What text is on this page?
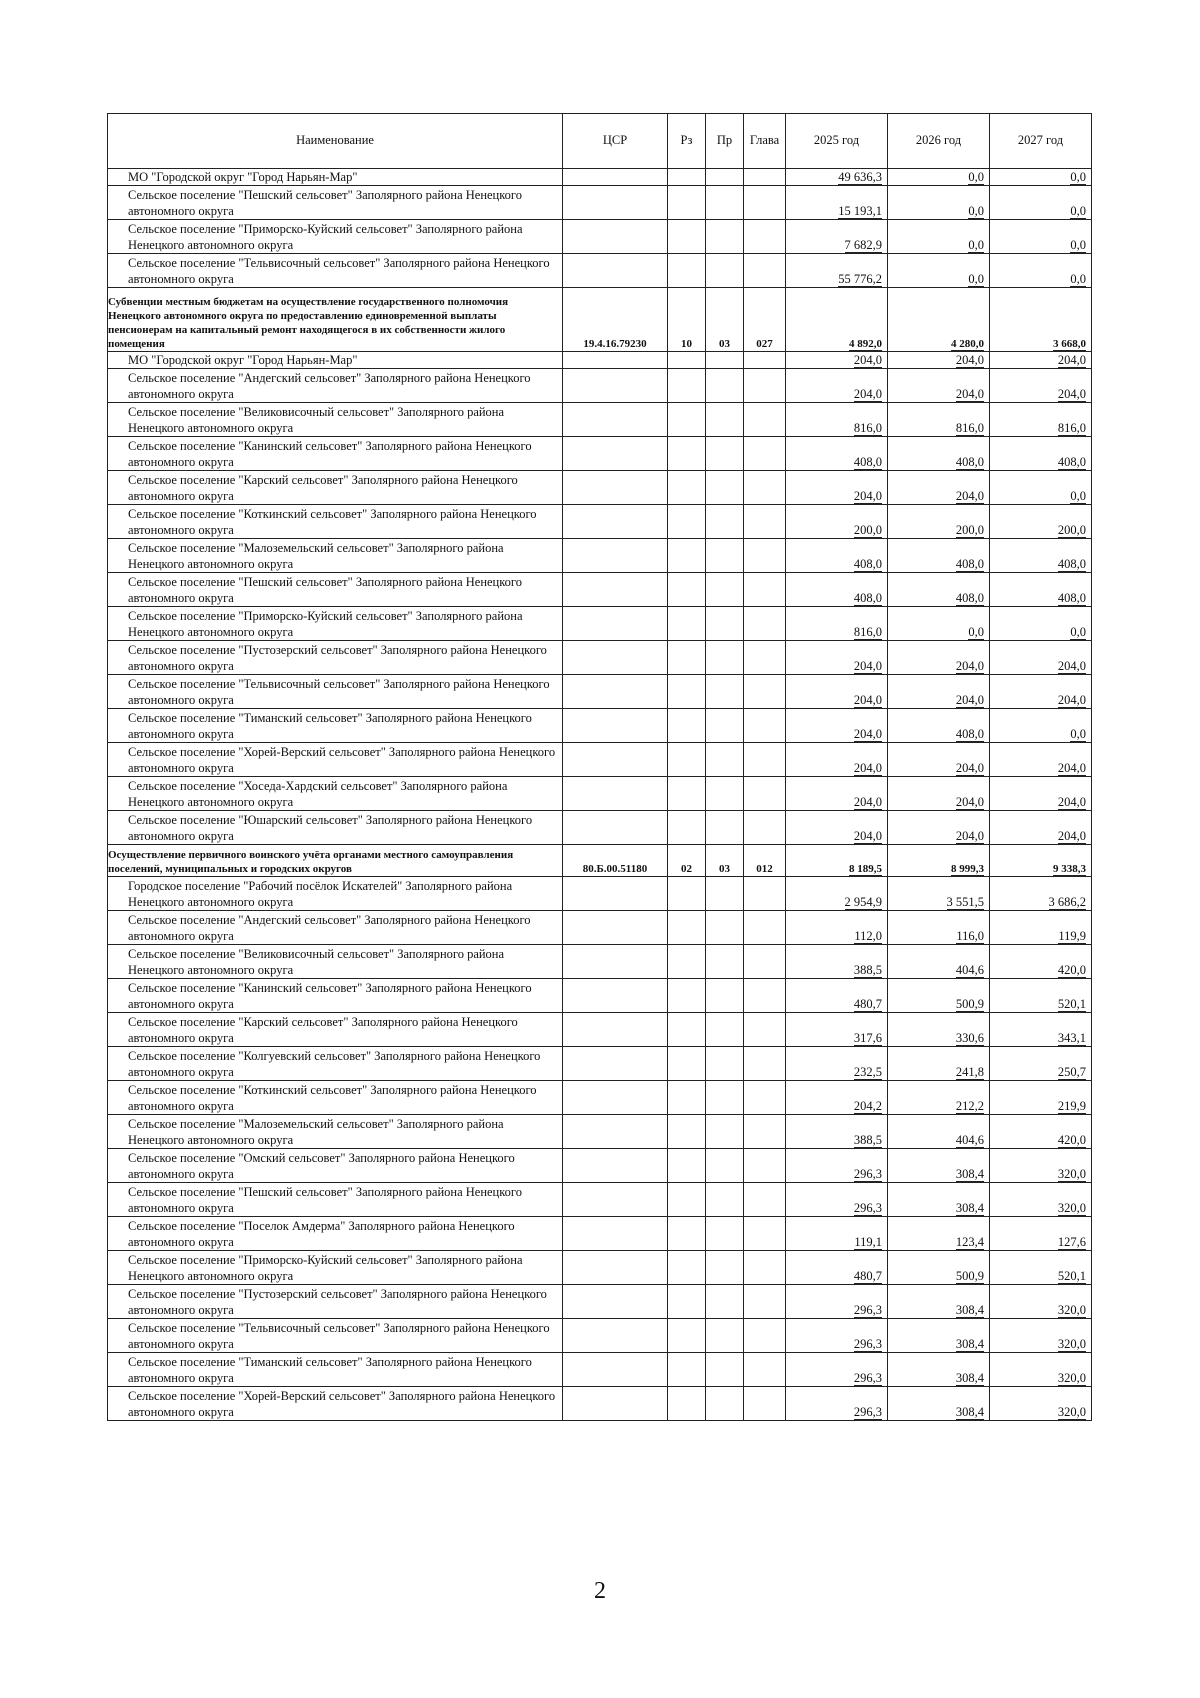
Наименование	ЦСР	Рз	Пр	Глава	2025 год	2026 год	2027 год

МО "Городской округ "Город Нарьян-Мар"					49 636,3	0,0	0,0

Сельское поселение "Пешский сельсовет" Заполярного района Ненецкого автономного округа					15 193,1	0,0	0,0

Сельское поселение "Приморско-Куйский сельсовет" Заполярного района Ненецкого автономного округа					7 682,9	0,0	0,0

Сельское поселение "Тельвисочный сельсовет" Заполярного района Ненецкого автономного округа					55 776,2	0,0	0,0

Субвенции местным бюджетам на осуществление государственного полномочия Ненецкого автономного округа по предоставлению единовременной выплаты пенсионерам на капитальный ремонт находящегося в их собственности жилого помещения	19.4.16.79230	10	03	027	4 892,0	4 280,0	3 668,0

МО "Городской округ "Город Нарьян-Мар"					204,0	204,0	204,0

Сельское поселение "Андегский сельсовет" Заполярного района Ненецкого автономного округа					204,0	204,0	204,0

Сельское поселение "Великовисочный сельсовет" Заполярного района Ненецкого автономного округа					816,0	816,0	816,0

Сельское поселение "Канинский сельсовет" Заполярного района Ненецкого автономного округа					408,0	408,0	408,0

Сельское поселение "Карский сельсовет" Заполярного района Ненецкого автономного округа					204,0	204,0	0,0

Сельское поселение "Коткинский сельсовет" Заполярного района Ненецкого автономного округа					200,0	200,0	200,0

Сельское поселение "Малоземельский сельсовет" Заполярного района Ненецкого автономного округа					408,0	408,0	408,0

Сельское поселение "Пешский сельсовет" Заполярного района Ненецкого автономного округа					408,0	408,0	408,0

Сельское поселение "Приморско-Куйский сельсовет" Заполярного района Ненецкого автономного округа					816,0	0,0	0,0

Сельское поселение "Пустозерский сельсовет" Заполярного района Ненецкого автономного округа					204,0	204,0	204,0

Сельское поселение "Тельвисочный сельсовет" Заполярного района Ненецкого автономного округа					204,0	204,0	204,0

Сельское поселение "Тиманский сельсовет" Заполярного района Ненецкого автономного округа					204,0	408,0	0,0

Сельское поселение "Хорей-Верский сельсовет" Заполярного района Ненецкого автономного округа					204,0	204,0	204,0

Сельское поселение "Хоседа-Хардский сельсовет" Заполярного района Ненецкого автономного округа					204,0	204,0	204,0

Сельское поселение "Юшарский сельсовет" Заполярного района Ненецкого автономного округа					204,0	204,0	204,0

Осуществление первичного воинского учёта органами местного самоуправления поселений, муниципальных и городских округов	80.Б.00.51180	02	03	012	8 189,5	8 999,3	9 338,3

Городское поселение "Рабочий посёлок Искателей" Заполярного района Ненецкого автономного округа					2 954,9	3 551,5	3 686,2

Сельское поселение "Андегский сельсовет" Заполярного района Ненецкого автономного округа					112,0	116,0	119,9

Сельское поселение "Великовисочный сельсовет" Заполярного района Ненецкого автономного округа					388,5	404,6	420,0

Сельское поселение "Канинский сельсовет" Заполярного района Ненецкого автономного округа					480,7	500,9	520,1

Сельское поселение "Карский сельсовет" Заполярного района Ненецкого автономного округа					317,6	330,6	343,1

Сельское поселение "Колгуевский сельсовет" Заполярного района Ненецкого автономного округа					232,5	241,8	250,7

Сельское поселение "Коткинский сельсовет" Заполярного района Ненецкого автономного округа					204,2	212,2	219,9

Сельское поселение "Малоземельский сельсовет" Заполярного района Ненецкого автономного округа					388,5	404,6	420,0

Сельское поселение "Омский сельсовет" Заполярного района Ненецкого автономного округа					296,3	308,4	320,0

Сельское поселение "Пешский сельсовет" Заполярного района Ненецкого автономного округа					296,3	308,4	320,0

Сельское поселение "Поселок Амдерма" Заполярного района Ненецкого автономного округа					119,1	123,4	127,6

Сельское поселение "Приморско-Куйский сельсовет" Заполярного района Ненецкого автономного округа					480,7	500,9	520,1

Сельское поселение "Пустозерский сельсовет" Заполярного района Ненецкого автономного округа					296,3	308,4	320,0

Сельское поселение "Тельвисочный сельсовет" Заполярного района Ненецкого автономного округа					296,3	308,4	320,0

Сельское поселение "Тиманский сельсовет" Заполярного района Ненецкого автономного округа					296,3	308,4	320,0

Сельское поселение "Хорей-Верский сельсовет" Заполярного района Ненецкого автономного округа					296,3	308,4	320,0
2
